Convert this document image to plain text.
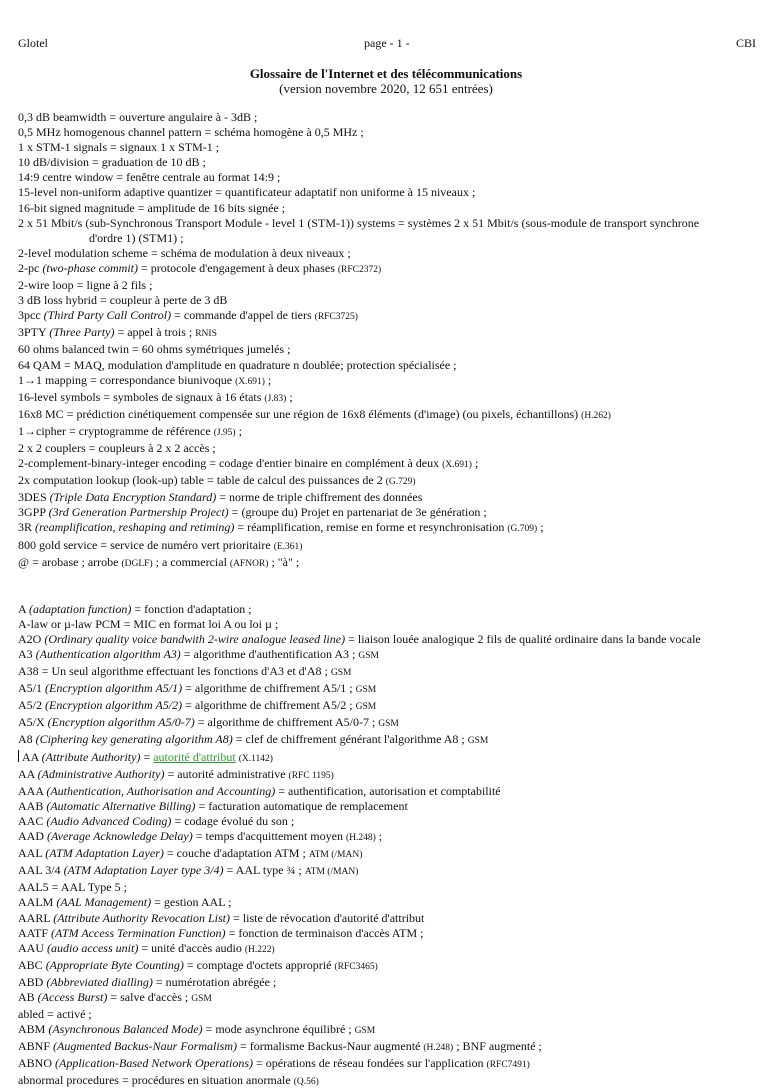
Glotel	page - 1 -	CBI
Glossaire de l'Internet et des télécommunications
(version novembre 2020, 12 651 entrées)
0,3 dB beamwidth = ouverture angulaire à - 3dB ;
0,5 MHz homogenous channel pattern = schéma homogène à 0,5 MHz ;
1 x STM-1 signals = signaux 1 x STM-1 ;
10 dB/division = graduation de 10 dB ;
14:9 centre window = fenêtre centrale au format 14:9 ;
15-level non-uniform adaptive quantizer = quantificateur adaptatif non uniforme à 15 niveaux ;
16-bit signed magnitude = amplitude de 16 bits signée ;
2 x 51 Mbit/s (sub-Synchronous Transport Module - level 1 (STM-1)) systems = systèmes 2 x 51 Mbit/s (sous-module de transport synchrone
d'ordre 1) (STM1) ;
2-level modulation scheme = schéma de modulation à deux niveaux ;
2-pc (two-phase commit) = protocole d'engagement à deux phases (RFC2372)
2-wire loop = ligne à 2 fils ;
3 dB loss hybrid = coupleur à perte de 3 dB
3pcc (Third Party Call Control) = commande d'appel de tiers (RFC3725)
3PTY (Three Party) = appel à trois ; RNIS
60 ohms balanced twin = 60 ohms symétriques jumelés ;
64 QAM = MAQ, modulation d'amplitude en quadrature n doublée; protection spécialisée ;
1→1 mapping = correspondance biunivoque (X.691) ;
16-level symbols = symboles de signaux à 16 états (J.83) ;
16x8 MC = prédiction cinétiquement compensée sur une région de 16x8 éléments (d'image) (ou pixels, échantillons) (H.262)
1→cipher = cryptogramme de référence (J.95) ;
2 x 2 couplers = coupleurs à 2 x 2 accès ;
2-complement-binary-integer encoding = codage d'entier binaire en complément à deux (X.691) ;
2x computation lookup (look-up) table = table de calcul des puissances de 2 (G.729)
3DES (Triple Data Encryption Standard) = norme de triple chiffrement des données
3GPP (3rd Generation Partnership Project) = (groupe du) Projet en partenariat de 3e génération ;
3R (reamplification, reshaping and retiming) = réamplification, remise en forme et resynchronisation (G.709) ;
800 gold service = service de numéro vert prioritaire (E.361)
@ = arobase ; arrobe (DGLF) ; a commercial (AFNOR) ; "à" ;
A (adaptation function) = fonction d'adaptation ;
A-law or µ-law PCM = MIC en format loi A ou loi µ ;
A2O (Ordinary quality voice bandwith 2-wire analogue leased line) = liaison louée analogique 2 fils de qualité ordinaire dans la bande vocale
A3 (Authentication algorithm A3) = algorithme d'authentification A3 ; GSM
A38 = Un seul algorithme effectuant les fonctions d'A3 et d'A8 ; GSM
A5/1 (Encryption algorithm A5/1) = algorithme de chiffrement A5/1 ; GSM
A5/2 (Encryption algorithm A5/2) = algorithme de chiffrement A5/2 ; GSM
A5/X (Encryption algorithm A5/0-7) = algorithme de chiffrement A5/0-7 ; GSM
A8 (Ciphering key generating algorithm A8) = clef de chiffrement générant l'algorithme A8 ; GSM
AA (Attribute Authority) = autorité d'attribut (X.1142)
AA (Administrative Authority) = autorité administrative (RFC 1195)
AAA (Authentication, Authorisation and Accounting) = authentification, autorisation et comptabilité
AAB (Automatic Alternative Billing) = facturation automatique de remplacement
AAC (Audio Advanced Coding) = codage évolué du son ;
AAD (Average Acknowledge Delay) = temps d'acquittement moyen (H.248) ;
AAL (ATM Adaptation Layer) = couche d'adaptation ATM ; ATM (/MAN)
AAL 3/4 (ATM Adaptation Layer type 3/4) = AAL type ¾ ; ATM (/MAN)
AAL5 = AAL Type 5 ;
AALM (AAL Management) = gestion AAL ;
AARL (Attribute Authority Revocation List) = liste de révocation d'autorité d'attribut
AATF (ATM Access Termination Function) = fonction de terminaison d'accès ATM ;
AAU (audio access unit) = unité d'accès audio (H.222)
ABC (Appropriate Byte Counting) = comptage d'octets approprié (RFC3465)
ABD (Abbreviated dialling) = numérotation abrégée ;
AB (Access Burst) = salve d'accès ; GSM
abled = activé ;
ABM (Asynchronous Balanced Mode) = mode asynchrone équilibré ; GSM
ABNF (Augmented Backus-Naur Formalism) = formalisme Backus-Naur augmenté (H.248) ; BNF augmenté ;
ABNO (Application-Based Network Operations) = opérations de réseau fondées sur l'application (RFC7491)
abnormal procedures = procédures en situation anormale (Q.56)
